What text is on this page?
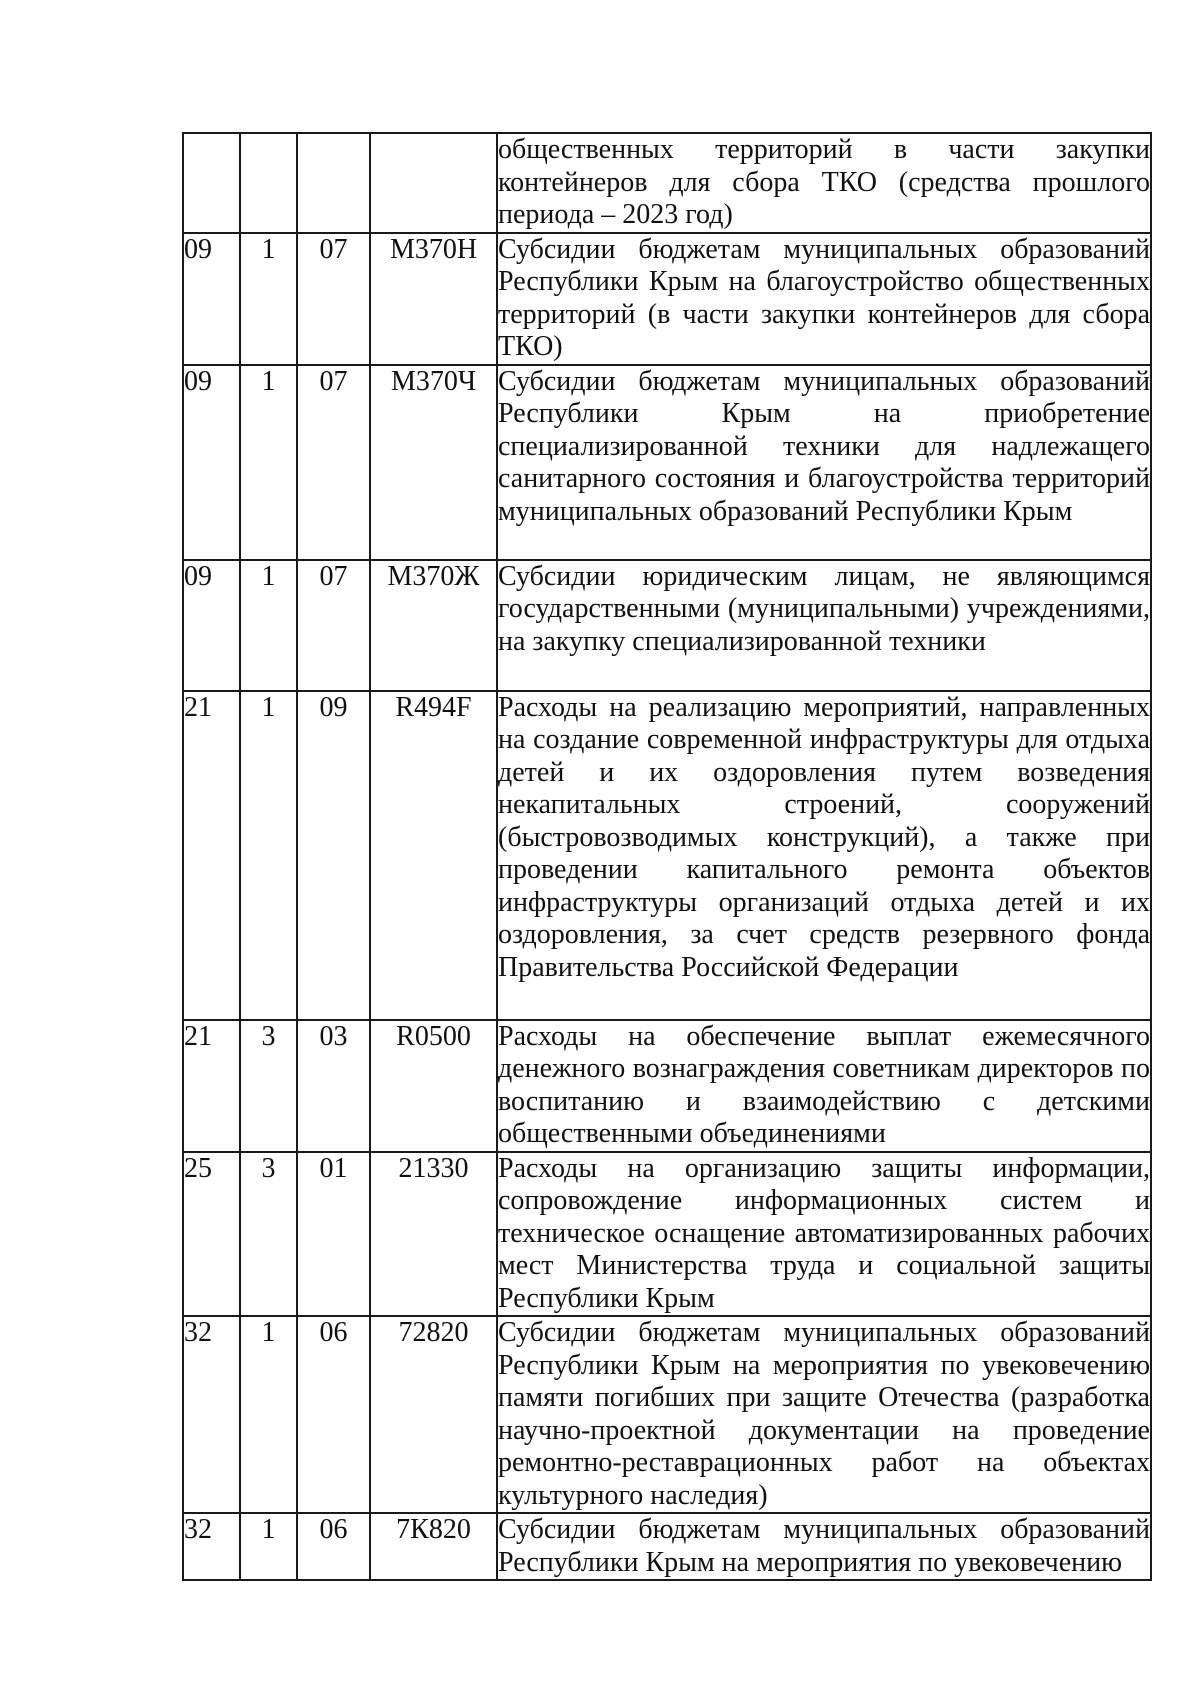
				общественных территорий в части закупки контейнеров для сбора ТКО (средства прошлого периода – 2023 год)
09	1	07	М370Н	Субсидии бюджетам муниципальных образований Республики Крым на благоустройство общественных территорий (в части закупки контейнеров для сбора ТКО)
09	1	07	М370Ч	Субсидии бюджетам муниципальных образований Республики Крым на приобретение специализированной техники для надлежащего санитарного состояния и благоустройства территорий муниципальных образований Республики Крым
09	1	07	М370Ж	Субсидии юридическим лицам, не являющимся государственными (муниципальными) учреждениями, на закупку специализированной техники
21	1	09	R494F	Расходы на реализацию мероприятий, направленных на создание современной инфраструктуры для отдыха детей и их оздоровления путем возведения некапитальных строений, сооружений (быстровозводимых конструкций), а также при проведении капитального ремонта объектов инфраструктуры организаций отдыха детей и их оздоровления, за счет средств резервного фонда Правительства Российской Федерации
21	3	03	R0500	Расходы на обеспечение выплат ежемесячного денежного вознаграждения советникам директоров по воспитанию и взаимодействию с детскими общественными объединениями
25	3	01	21330	Расходы на организацию защиты информации, сопровождение информационных систем и техническое оснащение автоматизированных рабочих мест Министерства труда и социальной защиты Республики Крым
32	1	06	72820	Субсидии бюджетам муниципальных образований Республики Крым на мероприятия по увековечению памяти погибших при защите Отечества (разработка научно-проектной документации на проведение ремонтно-реставрационных работ на объектах культурного наследия)
32	1	06	7К820	Субсидии бюджетам муниципальных образований Республики Крым на мероприятия по увековечению
